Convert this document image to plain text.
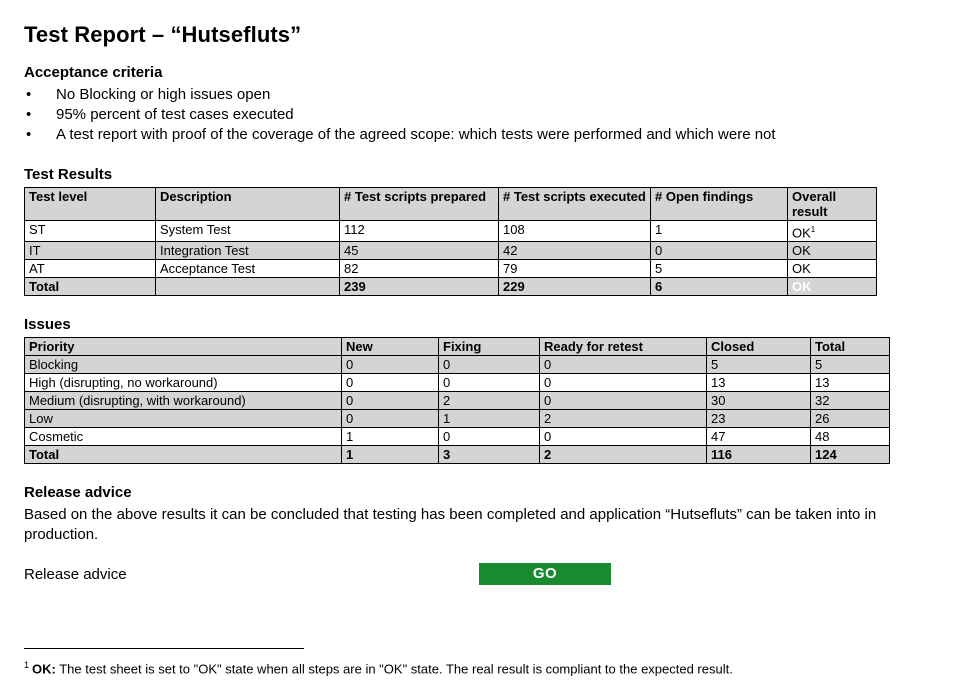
Test Report – “Hutsefluts”
Acceptance criteria
• No Blocking or high issues open
• 95% percent of test cases executed
• A test report with proof of the coverage of the agreed scope: which tests were performed and which were not
Test Results
Test level	Description	# Test scripts prepared	# Test scripts executed	# Open findings	Overall result
ST	System Test	112	108	1	$OK^1$
IT	Integration Test	45	42	0	OK
AT	Acceptance Test	82	79	5	OK
Total		239	229	6	OK
Issues
Priority	New	Fixing	Ready for retest	Closed	Total
Blocking	0	0	0	5	5
High (disrupting, no workaround)	0	0	0	13	13
Medium (disrupting, with workaround)	0	2	0	30	32
Low	0	1	2	23	26
Cosmetic	1	0	0	47	48
Total	1	3	2	116	124
Release advice

Based on the above results it can be concluded that testing has been completed and application “Hutsefluts” can be taken into in production.

Release advice	GO
$^1$ OK: The test sheet is set to "OK" state when all steps are in "OK" state. The real result is compliant to the expected result.
